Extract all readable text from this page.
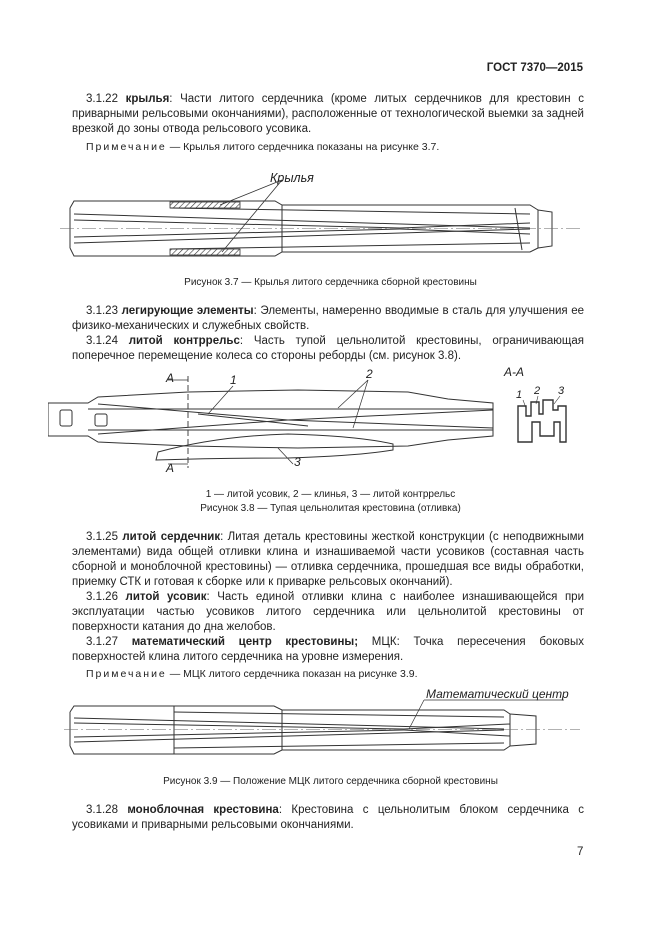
ГОСТ 7370—2015
3.1.22 крылья: Части литого сердечника (кроме литых сердечников для крестовин с приварными рельсовыми окончаниями), расположенные от технологической выемки за задней врезкой до зоны отвода рельсового усовика.
Примечание — Крылья литого сердечника показаны на рисунке 3.7.
Крылья
Рисунок 3.7 — Крылья литого сердечника сборной крестовины
3.1.23 легирующие элементы: Элементы, намеренно вводимые в сталь для улучшения ее физико-механических и служебных свойств.
3.1.24 литой контррельс: Часть тупой цельнолитой крестовины, ограничивающая поперечное перемещение колеса со стороны реборды (см. рисунок 3.8).
А
А
1	2
3
А-А
1 2 3
1 — литой усовик, 2 — клинья, 3 — литой контррельс
Рисунок 3.8 — Тупая цельнолитая крестовина (отливка)
3.1.25 литой сердечник: Литая деталь крестовины жесткой конструкции (с неподвижными элементами) вида общей отливки клина и изнашиваемой части усовиков (составная часть сборной и моноблочной крестовины) — отливка сердечника, прошедшая все виды обработки, приемку СТК и готовая к сборке или к приварке рельсовых окончаний).
3.1.26 литой усовик: Часть единой отливки клина с наиболее изнашивающейся при эксплуатации частью усовиков литого сердечника или цельнолитой крестовины от поверхности катания до дна желобов.
3.1.27 математический центр крестовины; МЦК: Точка пересечения боковых поверхностей клина литого сердечника на уровне измерения.
Примечание — МЦК литого сердечника показан на рисунке 3.9.
Математический центр
Рисунок 3.9 — Положение МЦК литого сердечника сборной крестовины
3.1.28 моноблочная крестовина: Крестовина с цельнолитым блоком сердечника с усовиками и приварными рельсовыми окончаниями.
7
